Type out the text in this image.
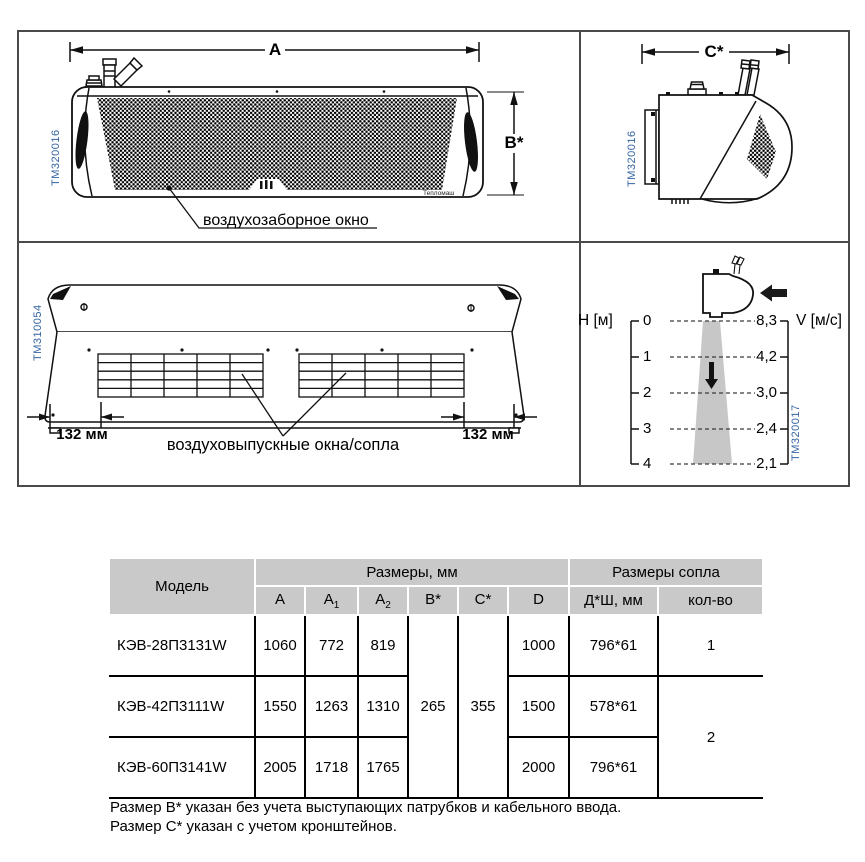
A
B*
воздухозаборное окно
Тепломаш
TM320016
C*
TM320016
132 мм	132 мм
воздуховыпускные окна/сопла
TM310054	H [м]	V [м/с]
0
1
2
3
4
8,3
4,2
3,0
2,4
2,1
TM320017
Модель	Размеры, мм						Размеры сопла	
	A	$A_1$	$A_2$	B*	C*	D	Д*Ш, мм	кол-во
КЭВ-28П3131W	1060	772	819	265	355	1000	796*61	1
КЭВ-42П3111W	1550	1263	1310			1500	578*61	2
КЭВ-60П3141W	2005	1718	1765			2000	796*61	
Размер B* указан без учета выступающих патрубков и кабельного ввода.
Размер C* указан с учетом кронштейнов.
